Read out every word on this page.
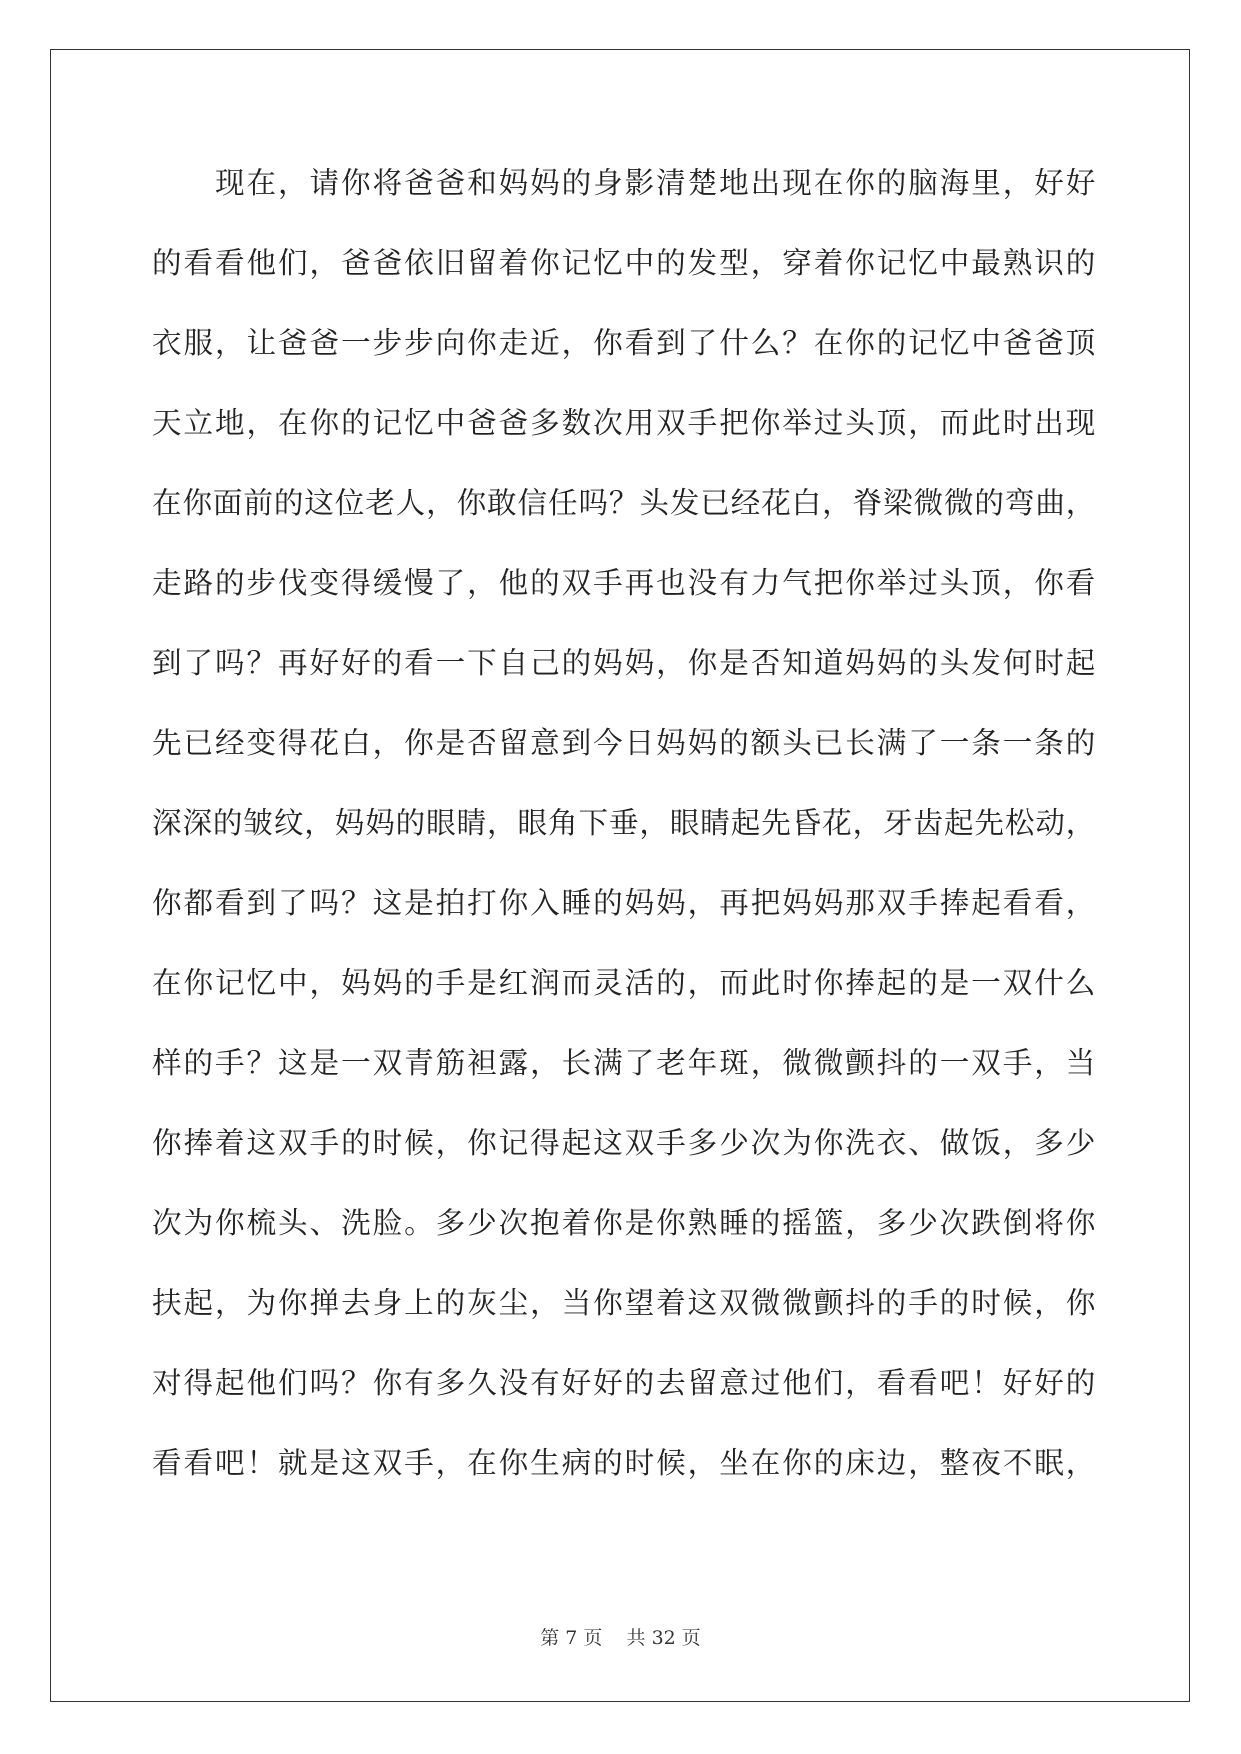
现在，请你将爸爸和妈妈的身影清楚地出现在你的脑海里，好好
的看看他们，爸爸依旧留着你记忆中的发型，穿着你记忆中最熟识的
衣服，让爸爸一步步向你走近，你看到了什么？在你的记忆中爸爸顶
天立地，在你的记忆中爸爸多数次用双手把你举过头顶，而此时出现
在你面前的这位老人，你敢信任吗？头发已经花白，脊梁微微的弯曲，
走路的步伐变得缓慢了，他的双手再也没有力气把你举过头顶，你看
到了吗？再好好的看一下自己的妈妈，你是否知道妈妈的头发何时起
先已经变得花白，你是否留意到今日妈妈的额头已长满了一条一条的
深深的皱纹，妈妈的眼睛，眼角下垂，眼睛起先昏花，牙齿起先松动，
你都看到了吗？这是拍打你入睡的妈妈，再把妈妈那双手捧起看看，
在你记忆中，妈妈的手是红润而灵活的，而此时你捧起的是一双什么
样的手？这是一双青筋袒露，长满了老年斑，微微颤抖的一双手，当
你捧着这双手的时候，你记得起这双手多少次为你洗衣、做饭，多少
次为你梳头、洗脸。多少次抱着你是你熟睡的摇篮，多少次跌倒将你
扶起，为你掸去身上的灰尘，当你望着这双微微颤抖的手的时候，你
对得起他们吗？你有多久没有好好的去留意过他们，看看吧！好好的
看看吧！就是这双手，在你生病的时候，坐在你的床边，整夜不眠，
第 7 页 共 32 页
